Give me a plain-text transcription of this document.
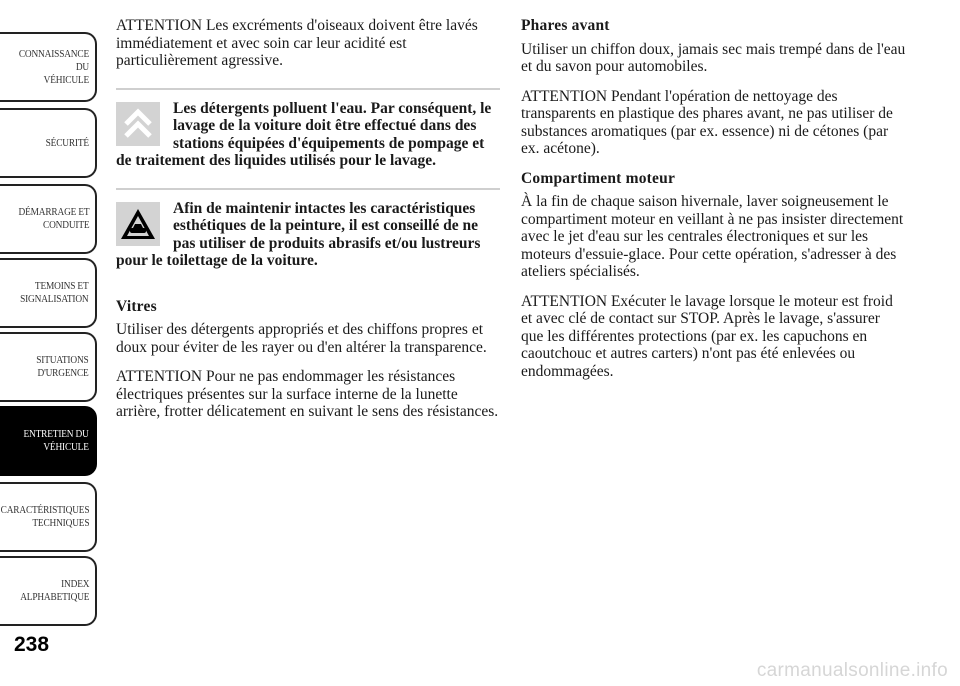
CONNAISSANCE DU
VÉHICULE
SÉCURITÉ
DÉMARRAGE ET
CONDUITE
TEMOINS ET
SIGNALISATION
SITUATIONS
D'URGENCE
ENTRETIEN DU
VÉHICULE
CARACTÉRISTIQUES
TECHNIQUES
INDEX
ALPHABETIQUE
238

ATTENTION Les excréments d'oiseaux doivent être lavés immédiatement et avec soin car leur acidité est particulièrement agressive.

Les détergents polluent l'eau. Par conséquent, le lavage de la voiture doit être effectué dans des stations équipées d'équipements de pompage et de traitement des liquides utilisés pour le lavage.
Afin de maintenir intactes les caractéristiques esthétiques de la peinture, il est conseillé de ne pas utiliser de produits abrasifs et/ou lustreurs pour le toilettage de la voiture.

Vitres

Utiliser des détergents appropriés et des chiffons propres et doux pour éviter de les rayer ou d'en altérer la transparence.

ATTENTION Pour ne pas endommager les résistances électriques présentes sur la surface interne de la lunette arrière, frotter délicatement en suivant le sens des résistances.

Phares avant

Utiliser un chiffon doux, jamais sec mais trempé dans de l'eau et du savon pour automobiles.

ATTENTION Pendant l'opération de nettoyage des transparents en plastique des phares avant, ne pas utiliser de substances aromatiques (par ex. essence) ni de cétones (par ex. acétone).

Compartiment moteur

À la fin de chaque saison hivernale, laver soigneusement le compartiment moteur en veillant à ne pas insister directement avec le jet d'eau sur les centrales électroniques et sur les moteurs d'essuie-glace. Pour cette opération, s'adresser à des ateliers spécialisés.

ATTENTION Exécuter le lavage lorsque le moteur est froid et avec clé de contact sur STOP. Après le lavage, s'assurer que les différentes protections (par ex. les capuchons en caoutchouc et autres carters) n'ont pas été enlevées ou endommagées.

carmanualsonline.info
